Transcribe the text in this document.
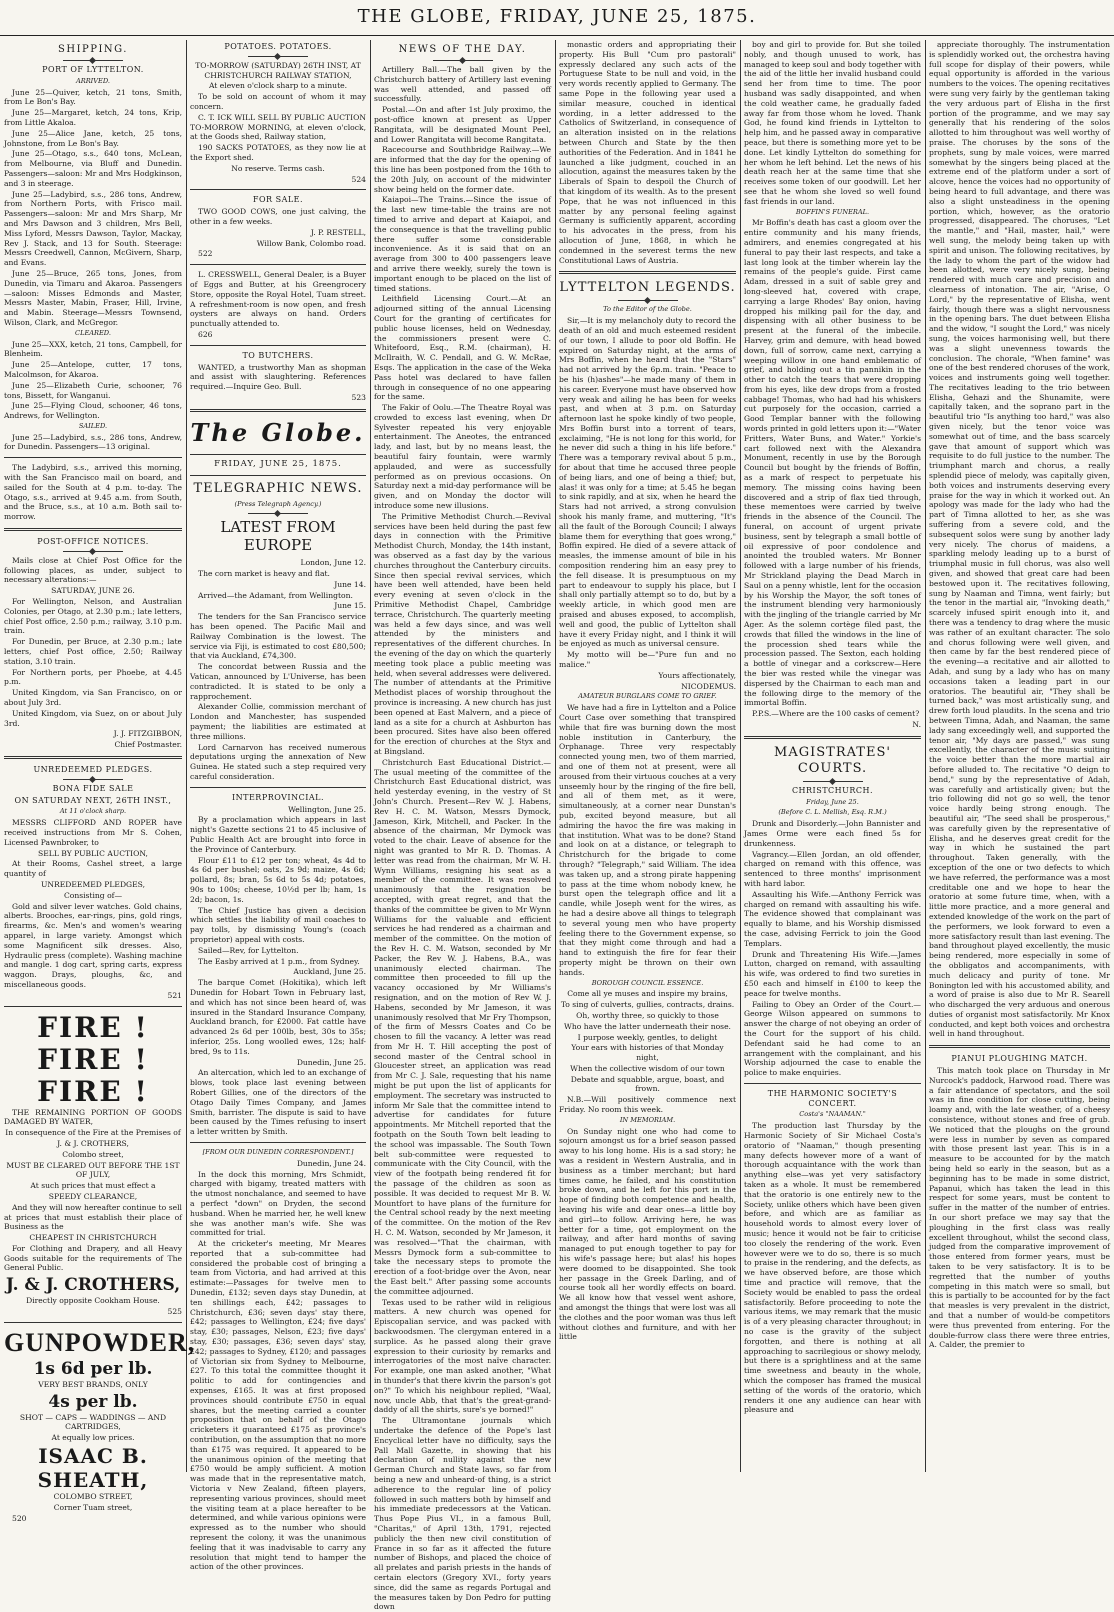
THE GLOBE, FRIDAY, JUNE 25, 1875.
SHIPPING.
PORT OF LYTTELTON.
ARRIVED.

June 25—Quiver, ketch, 21 tons, Smith, from Le Bon's Bay.

June 25—Margaret, ketch, 24 tons, Krip, from Little Akaloa.

June 25—Alice Jane, ketch, 25 tons, Johnstone, from Le Bon's Bay.

June 25—Otago, s.s., 640 tons, McLean, from Melbourne, via Bluff and Dunedin. Passengers—saloon: Mr and Mrs Hodgkinson, and 3 in steerage.

June 25—Ladybird, s.s., 286 tons, Andrew, from Northern Ports, with Frisco mail. Passengers—saloon: Mr and Mrs Sharp, Mr and Mrs Dawson and 3 children, Mrs Bell, Miss Lyford, Messrs Dawson, Taylor, Mackay, Rev J. Stack, and 13 for South. Steerage: Messrs Creedwell, Cannon, McGivern, Sharp, and Evans.

June 25—Bruce, 265 tons, Jones, from Dunedin, via Timaru and Akaroa. Passengers—saloon: Misses Edmonds and Master, Messrs Master, Mabin, Fraser, Hill, Irvine, and Mabin. Steerage—Messrs Townsend, Wilson, Clark, and McGregor.

CLEARED.

June 25—XXX, ketch, 21 tons, Campbell, for Blenheim.

June 25—Antelope, cutter, 17 tons, Malcolmson, for Akaroa.

June 25—Elizabeth Curie, schooner, 76 tons, Bissett, for Wanganui.

June 25—Flying Cloud, schooner, 46 tons, Andrews, for Wellington.

SAILED.

June 25—Ladybird, s.s., 286 tons, Andrew, for Dunedin. Passengers—13 original.

The Ladybird, s.s., arrived this morning, with the San Francisco mail on board, and sailed for the South at 4 p.m. to-day. The Otago, s.s., arrived at 9.45 a.m. from South, and the Bruce, s.s., at 10 a.m. Both sail to-morrow.

POST-OFFICE NOTICES.

Mails close at Chief Post Office for the following places, as under, subject to necessary alterations:—

SATURDAY, JUNE 26.

For Wellington, Nelson, and Australian Colonies, per Otago, at 2.30 p.m.; late letters, chief Post office, 2.50 p.m.; railway, 3.10 p.m. train.

For Dunedin, per Bruce, at 2.30 p.m.; late letters, chief Post office, 2.50; Railway station, 3.10 train.

For Northern ports, per Phoebe, at 4.45 p.m.

United Kingdom, via San Francisco, on or about July 3rd.

United Kingdom, via Suez, on or about July 3rd.

J. J. FITZGIBBON,

Chief Postmaster.

UNREDEEMED PLEDGES.
BONA FIDE SALE
ON SATURDAY NEXT, 26TH INST.,
At 11 o'clock sharp.

MESSRS CLIFFORD AND ROPER have received instructions from Mr S. Cohen, Licensed Pawnbroker, to

SELL BY PUBLIC AUCTION,

At their Rooms, Cashel street, a large quantity of

UNREDEEMED PLEDGES,

Consisting of—

Gold and silver lever watches. Gold chains, alberts. Brooches, ear-rings, pins, gold rings, firearms, &c. Men's and women's wearing apparel, in large variety. Amongst which some Magnificent silk dresses. Also, Hydraulic press (complete). Washing machine and mangle. 1 dog cart, spring carts, express waggon. Drays, ploughs, &c, and miscellaneous goods.

521

FIRE ! FIRE !
FIRE !

THE REMAINING PORTION OF GOODS DAMAGED BY WATER,

In consequence of the Fire at the Premises of

J. & J. CROTHERS,

Colombo street,

MUST BE CLEARED OUT BEFORE THE 1ST OF JULY,

At such prices that must effect a

SPEEDY CLEARANCE,

And they will now hereafter continue to sell at prices that must establish their place of Business as the

CHEAPEST IN CHRISTCHURCH

For Clothing and Drapery, and all Heavy Goods suitable for the requirements of The General Public.

J. & J. CROTHERS,

Directly opposite Cookham House.

525

GUNPOWDER,
1s 6d per lb.

VERY BEST BRANDS, ONLY

4s per lb.

SHOT — CAPS — WADDINGS — AND CARTRIDGES,

At equally low prices.

ISAAC B. SHEATH,

COLOMBO STREET,

Corner Tuam street,

520

POTATOES. POTATOES.

TO-MORROW (SATURDAY) 26TH INST, AT CHRISTCHURCH RAILWAY STATION,

At eleven o'clock sharp to a minute.

To be sold on account of whom it may concern.

C. T. ICK WILL SELL BY PUBLIC AUCTION TO-MORROW MORNING, at eleven o'clock, at the Goods shed, Railway station,

190 SACKS POTATOES, as they now lie at the Export shed.

No reserve. Terms cash.

524

FOR SALE.

TWO GOOD COWS, one just calving, the other in a few weeks.

J. P. RESTELL,

Willow Bank, Colombo road.

522

L. CRESSWELL, General Dealer, is a Buyer of Eggs and Butter, at his Greengrocery Store, opposite the Royal Hotel, Tuam street. A refreshment-room is now open, and fresh oysters are always on hand. Orders punctually attended to.

626

TO BUTCHERS.

WANTED, a trustworthy Man as shopman and assist with slaughtering. References required.—Inquire Geo. Bull.

523

The Globe.
FRIDAY, JUNE 25, 1875.
TELEGRAPHIC NEWS.
(Press Telegraph Agency.)
LATEST FROM EUROPE

London, June 12.

The corn market is heavy and flat.

June 14.

Arrived—the Adamant, from Wellington.

June 15.

The tenders for the San Francisco service has been opened. The Pacific Mail and Railway Combination is the lowest. The service via Fiji, is estimated to cost £80,500; that via Auckland, £74,300.

The concordat between Russia and the Vatican, announced by L'Universe, has been contradicted. It is stated to be only a rapprochement.

Alexander Collie, commission merchant of London and Manchester, has suspended payment; the liabilities are estimated at three millions.

Lord Carnarvon has received numerous deputations urging the annexation of New Guinea. He stated such a step required very careful consideration.

INTERPROVINCIAL.

Wellington, June 25.

By a proclamation which appears in last night's Gazette sections 21 to 45 inclusive of Public Health Act are brought into force in the Province of Canterbury.

Flour £11 to £12 per ton; wheat, 4s 4d to 4s 6d per bushel; oats, 2s 9d; maize, 4s 6d; pollard, 8s; bran, 5s 6d to 5s 4d; potatoes, 90s to 100s; cheese, 10½d per lb; ham, 1s 2d; bacon, 1s.

The Chief Justice has given a decision which settles the liability of mail coaches to pay tolls, by dismissing Young's (coach proprietor) appeal with costs.

Sailed—Rev, for Lyttelton.

The Easby arrived at 1 p.m., from Sydney.

Auckland, June 25.

The barque Comet (Hokitika), which left Dunedin for Hobart Town in February last, and which has not since been heard of, was insured in the Standard Insurance Company, Auckland branch, for £2000. Fat cattle have advanced 2s 6d per 100lb, best, 30s to 35s; inferior, 25s. Long woolled ewes, 12s; half-bred, 9s to 11s.

Dunedin, June 25.

An altercation, which led to an exchange of blows, took place last evening between Robert Gillies, one of the directors of the Otago Daily Times Company, and James Smith, barrister. The dispute is said to have been caused by the Times refusing to insert a letter written by Smith.

[FROM OUR DUNEDIN CORRESPONDENT.]

Dunedin, June 24.

In the dock this morning, Mrs Schmidt, charged with bigamy, treated matters with the utmost nonchalance, and seemed to have a perfect "down" on Dryden, the second husband. When he married her, he well knew she was another man's wife. She was committed for trial.

At the cricketer's meeting, Mr Meares reported that a sub-committee had considered the probable cost of bringing a team from Victoria, and had arrived at this estimate:—Passages for twelve men to Dunedin, £132; seven days stay Dunedin, at ten shillings each, £42; passages to Christchurch, £36; seven days' stay there, £42; passages to Wellington, £24; five days' stay, £30; passages, Nelson, £23; five days' stay, £30; passages, £36; seven days' stay, £42; passages to Sydney, £120; and passages of Victorian six from Sydney to Melbourne, £27. To this total the committee thought it politic to add for contingencies and expenses, £165. It was at first proposed provinces should contribute £750 in equal shares, but the meeting carried a counter proposition that on behalf of the Otago cricketers it guaranteed £175 as province's contribution, on the assumption that no more than £175 was required. It appeared to be the unanimous opinion of the meeting that £750 would be amply sufficient. A motion was made that in the representative match, Victoria v New Zealand, fifteen players, representing various provinces, should meet the visiting team at a place hereafter to be determined, and while various opinions were expressed as to the number who should represent the colony, it was the unanimous feeling that it was inadvisable to carry any resolution that might tend to hamper the action of the other provinces.

NEWS OF THE DAY.

Artillery Ball.—The ball given by the Christchurch battery of Artillery last evening was well attended, and passed off successfully.

Postal.—On and after 1st July proximo, the post-office known at present as Upper Rangitata, will be designated Mount Peel, and Lower Rangitata will become Rangitata.

Racecourse and Southbridge Railway.—We are informed that the day for the opening of this line has been postponed from the 16th to the 20th July, on account of the midwinter show being held on the former date.

Kaiapoi—The Trains.—Since the issue of the last new time-table the trains are not timed to arrive and depart at Kaiapoi, and the consequence is that the travelling public there suffer some considerable inconvenience. As it is said that on an average from 300 to 400 passengers leave and arrive there weekly, surely the town is important enough to be placed on the list of timed stations.

Leithfield Licensing Court.—At an adjourned sitting of the annual Licensing Court for the granting of certificates for public house licenses, held on Wednesday, the commissioners present were C. Whitefoord, Esq., R.M. (chairman), H. McIlraith, W. C. Pendall, and G. W. McRae, Esqs. The application in the case of the Weka Pass hotel was declared to have fallen through in consequence of no one appearing for the same.

The Fakir of Oolu.—The Theatre Royal was crowded to excess last evening, when Dr Sylvester repeated his very enjoyable entertainment. The Aneotes, the entranced lady, and last, but by no means least, the beautiful fairy fountain, were warmly applauded, and were as successfully performed as on previous occasions. On Saturday next a mid-day performance will be given, and on Monday the doctor will introduce some new illusions.

The Primitive Methodist Church.—Revival services have been held during the past few days in connection with the Primitive Methodist Church, Monday, the 14th instant, was observed as a fast day by the various churches throughout the Canterbury circuits. Since then special revival services, which have been well attended, have been held every evening at seven o'clock in the Primitive Methodist Chapel, Cambridge terrace, Christchurch. The quarterly meeting was held a few days since, and was well attended by the ministers and representatives of the different churches. In the evening of the day on which the quarterly meeting took place a public meeting was held, when several addresses were delivered. The number of attendants at the Primitive Methodist places of worship throughout the province is increasing. A new church has just been opened at East Malvern, and a piece of land as a site for a church at Ashburton has been procured. Sites have also been offered for the erection of churches at the Styx and at Bingsland.

Christchurch East Educational District.—The usual meeting of the committee of the Christchurch East Educational district, was held yesterday evening, in the vestry of St John's Church. Present—Rev W. J. Habens, Rev H. C. M. Watson, Messrs Dymock, Jameson, Kirk, Mitchell, and Packer. In the absence of the chairman, Mr Dymock was voted to the chair. Leave of absence for the night was granted to Mr R. D. Thomas. A letter was read from the chairman, Mr W. H. Wynn Williams, resigning his seat as a member of the committee. It was resolved unanimously that the resignation be accepted, with great regret, and that the thanks of the committee be given to Mr Wynn Williams for the valuable and efficient services he had rendered as a chairman and member of the committee. On the motion of the Rev H. C. M. Watson, seconded by Mr Packer, the Rev W. J. Habens, B.A., was unanimously elected chairman. The committee then proceeded to fill up the vacancy occasioned by Mr Williams's resignation, and on the motion of Rev W. J. Habens, seconded by Mr Jameson, it was unanimously resolved that Mr Fry Thompson, of the firm of Messrs Coates and Co be chosen to fill the vacancy. A letter was read from Mr H. T. Hill accepting the post of second master of the Central school in Gloucester street, an application was read from Mr C. J. Sale, requesting that his name might be put upon the list of applicants for employment. The secretary was instructed to inform Mr Sale that the committee intend to advertise for candidates for future appointments. Mr Mitchell reported that the footpath on the South Town belt leading to the school was impassable. The South Town belt sub-committee were requested to communicate with the City Council, with the view of the footpath being rendered fit for the passage of the children as soon as possible. It was decided to request Mr B. W. Mountfort to have plans of the furniture for the Central school ready by the next meeting of the committee. On the motion of the Rev H. C. M. Watson, seconded by Mr Jameson, it was resolved—"That the chairman, with Messrs Dymock form a sub-committee to take the necessary steps to promote the erection of a foot-bridge over the Avon, near the East belt." After passing some accounts the committee adjourned.

Texas used to be rather wild in religious matters. A new church was opened for Episcopalian service, and was packed with backwoodsmen. The clergyman entered in a surplice. As he passed along their grave expression to their curiosity by remarks and interrogatories of the most naïve character. For example, one man asked another, "What in thunder's that there kivrin the parson's got on?" To which his neighbour replied, "Waal, now, uncle Abb, that that's the great-grand-daddy of all the shirts, sure's ye borned!"

The Ultramontane journals which undertake the defence of the Pope's last Encyclical letter have no difficulty, says the Pall Mall Gazette, in showing that his declaration of nullity against the new German Church and State laws, so far from being a new and unheard-of thing, is a strict adherence to the regular line of policy followed in such matters both by himself and his immediate predecessors at the Vatican. Thus Pope Pius VI., in a famous Bull, "Charitas," of April 13th, 1791, rejected publicly the then new civil constitution of France in so far as it affected the future number of Bishops, and placed the choice of all prelates and parish priests in the hands of certain electors (Gregory XVI., forty years since, did the same as regards Portugal and the measures taken by Don Pedro for putting down

monastic orders and appropriating their property. His Bull "Cum pro pastorali" expressly declared any such acts of the Portuguese State to be null and void, in the very words recently applied to Germany. The same Pope in the following year used a similar measure, couched in identical wording, in a letter addressed to the Catholics of Switzerland, in consequence of an alteration insisted on in the relations between Church and State by the then authorities of the Federation. And in 1841 he launched a like judgment, couched in an allocution, against the measures taken by the Liberals of Spain to despoil the Church of that kingdom of its wealth. As to the present Pope, that he was not influenced in this matter by any personal feeling against Germany is sufficiently apparent, according to his advocates in the press, from his allocution of June, 1868, in which he condemned in the severest terms the new Constitutional Laws of Austria.

LYTTELTON LEGENDS.
To the Editor of the Globe.

Sir,—It is my melancholy duty to record the death of an old and much esteemed resident of our town, I allude to poor old Boffin. He expired on Saturday night, at the arms of Mrs Boffin, when he heard that the "Stars" had not arrived by the 6p.m. train. "Peace to be his (h)ashes"—he made many of them in his career. Everyone must have observed how very weak and ailing he has been for weeks past, and when at 3 p.m. on Saturday afternoon last he spoke kindly of two people, Mrs Boffin burst into a torrent of tears, exclaiming, "He is not long for this world, for he never did such a thing in his life before." There was a temporary revival about 5 p.m., for about that time he accused three people of being liars, and one of being a thief; but, alas! it was only for a time; at 5.45 he began to sink rapidly, and at six, when he heard the Stars had not arrived, a strong convulsion shook his manly frame, and muttering, "It's all the fault of the Borough Council; I always blame them for everything that goes wrong," Boffin expired. He died of a severe attack of measles, the immense amount of bile in his composition rendering him an easy prey to the fell disease. It is presumptuous on my part to endeavour to supply his place, but I shall only partially attempt so to do, but by a weekly article, in which good men are praised and abuses exposed, to accomplish, well and good, the public of Lyttelton shall have it every Friday night, and I think it will be enjoyed as much as universal censure.

My motto will be—"Pure fun and no malice."

Yours affectionately,

NICODEMUS.

AMATEUR BURGLARS COME TO GRIEF.

We have had a fire in Lyttelton and a Police Court Case over something that transpired while that fire was burning down the most noble institution in Canterbury, the Orphanage. Three very respectably connected young men, two of them married, and one of them not at present, were all aroused from their virtuous couches at a very unseemly hour by the ringing of the fire bell, and all of them met, as it were, simultaneously, at a corner near Dunstan's pub, excited beyond measure, but all admiring the havoc the fire was making in that institution. What was to be done? Stand and look on at a distance, or telegraph to Christchurch for the brigade to come through? "Telegraph," said William. The idea was taken up, and a strong pirate happening to pass at the time whom nobody knew, he burst open the telegraph office and lit a candle, while Joseph went for the wires, as he had a desire above all things to telegraph to several young men who have property feeling there to the Government expense, so that they might come through and had a hand to extinguish the fire for fear their property might be thrown on their own hands.

BOROUGH COUNCIL ESSENCE.

Come all ye muses and inspire my brains,

To sing of culverts, gullies, contracts, drains.

Oh, worthy three, so quickly to those

Who have the latter underneath their nose.

I purpose weekly, gentles, to delight

Your ears with histories of that Monday night,

When the collective wisdom of our town

Debate and squabble, argue, boast, and frown.

N.B.—Will positively commence next Friday. No room this week.

IN MEMORIAM.

On Sunday night one who had come to sojourn amongst us for a brief season passed away to his long home. His is a sad story; he was a resident in Western Australia, and in business as a timber merchant; but hard times came, he failed, and his constitution broke down, and he left for this port in the hope of finding both competence and health, leaving his wife and dear ones—a little boy and girl—to follow. Arriving here, he was better for a time, got employment on the railway, and after hard months of saving managed to put enough together to pay for his wife's passage here; but alas! his hopes were doomed to be disappointed. She took her passage in the Greek Darling, and of course took all her wordly effects on board. We all know how that vessel went ashore, and amongst the things that were lost was all the clothes and the poor woman was thus left without clothes and furniture, and with her little

boy and girl to provide for. But she toiled nobly, and though unused to work, has managed to keep soul and body together with the aid of the little her invalid husband could send her from time to time. The poor husband was sadly disappointed, and when the cold weather came, he gradually faded away far from those whom he loved. Thank God, he found kind friends in Lyttelton to help him, and he passed away in comparative peace, but there is something more yet to be done. Let kindly Lyttelton do something for her whom he left behind. Let the news of his death reach her at the same time that she receives some token of our goodwill. Let her see that he whom she loved so well found fast friends in our land.

BOFFIN'S FUNERAL.

Mr Boffin's death has cast a gloom over the entire community and his many friends, admirers, and enemies congregated at his funeral to pay their last respects, and take a last long look at the timber wherein lay the remains of the people's guide. First came Adam, dressed in a suit of sable grey and long-sleeved hat, covered with crape, carrying a large Rhodes' Bay onion, having dropped his milking pail for the day, and dispensing with all other business to be present at the funeral of the imbecile. Harvey, grim and demure, with head bowed down, full of sorrow, came next, carrying a weeping willow in one hand emblematic of grief, and holding out a tin pannikin in the other to catch the tears that were dropping from his eyes, like dew drops from a frosted cabbage! Thomas, who had had his whiskers cut purposely for the occasion, carried a Good Templar banner with the following words printed in gold letters upon it:—"Water Fritters, Water Buns, and Water." Yorkie's cart followed next with the Alexandra Monument, recently in use by the Borough Council but bought by the friends of Boffin, as a mark of respect to perpetuate his memory. The missing coins having been discovered and a strip of flax tied through, these mementoes were carried by twelve friends in the absence of the Council. The funeral, on account of urgent private business, sent by telegraph a small bottle of oil expressive of poor condolence and anointed the troubled waters. Mr Bonner followed with a large number of his friends, Mr Strickland playing the Dead March in Saul on a penny whistle, lent for the occasion by his Worship the Mayor, the soft tones of the instrument blending very harmoniously with the jingling of the triangle carried by Mr Ager. As the solemn cortège filed past, the crowds that filled the windows in the line of the procession shed tears while the procession passed. The Sexton, each holding a bottle of vinegar and a corkscrew—Here the bier was rested while the vinegar was dispersed by the Chairman to each man and the following dirge to the memory of the immortal Boffin.

P.P.S.—Where are the 100 casks of cement?

N.

MAGISTRATES' COURTS.
CHRISTCHURCH.
Friday, June 25.
(Before C. L. Mellish, Esq. R.M.)

Drunk and Disorderly.—John Bannister and James Orme were each fined 5s for drunkenness.

Vagrancy.—Ellen Jordan, an old offender, charged on remand with this offence, was sentenced to three months' imprisonment with hard labor.

Assaulting his Wife.—Anthony Ferrick was charged on remand with assaulting his wife. The evidence showed that complainant was equally to blame, and his Worship dismissed the case, advising Ferrick to join the Good Templars.

Drunk and Threatening His Wife.—James Lutton, charged on remand, with assaulting his wife, was ordered to find two sureties in £50 each and himself in £100 to keep the peace for twelve months.

Failing to Obey an Order of the Court.—George Wilson appeared on summons to answer the charge of not obeying an order of the Court for the support of his child. Defendant said he had come to an arrangement with the complainant, and his Worship adjourned the case to enable the police to make enquiries.

THE HARMONIC SOCIETY'S CONCERT.
Costa's "NAAMAN."

The production last Thursday by the Harmonic Society of Sir Michael Costa's oratorio of "Naaman," though presenting many defects however more of a want of thorough acquaintance with the work than anything else—was yet very satisfactory taken as a whole. It must be remembered that the oratorio is one entirely new to the Society, unlike others which have been given before, and which are as familiar as household words to almost every lover of music; hence it would not be fair to criticise too closely the rendering of the work. Even however were we to do so, there is so much to praise in the rendering, and the defects, as we have observed before, are those which time and practice will remove, that the Society would be enabled to pass the ordeal satisfactorily. Before proceeding to note the various items, we may remark that the music is of a very pleasing character throughout; in no case is the gravity of the subject forgotten, and there is nothing at all approaching to sacrilegious or showy melody, but there is a sprightliness and at the same time sweetness and beauty in the whole, which the composer has framed the musical setting of the words of the oratorio, which renders it one any audience can hear with pleasure and

appreciate thoroughly. The instrumentation is splendidly worked out, the orchestra having full scope for display of their powers, while equal opportunity is afforded in the various numbers to the voices. The opening recitatives were sung very fairly by the gentleman taking the very arduous part of Elisha in the first portion of the programme, and we may say generally that his rendering of the solos allotted to him throughout was well worthy of praise. The choruses by the sons of the prophets, sung by male voices, were marred somewhat by the singers being placed at the extreme end of the platform under a sort of alcove, hence the voices had no opportunity of being heard to full advantage, and there was also a slight unsteadiness in the opening portion, which, however, as the oratorio progressed, disappeared. The choruses, "Let the mantle," and "Hail, master, hail," were well sung, the melody being taken up with spirit and unison. The following recitatives, by the lady to whom the part of the widow had been allotted, were very nicely sung, being rendered with much care and precision and clearness of intonation. The air, "Arise, O Lord," by the representative of Elisha, went fairly, though there was a slight nervousness in the opening bars. The duet between Elisha and the widow, "I sought the Lord," was nicely sung, the voices harmonising well, but there was a slight unevenness towards the conclusion. The chorale, "When famine" was one of the best rendered choruses of the work, voices and instruments going well together. The recitatives leading to the trio between Elisha, Gehazi and the Shunamite, were capitally taken, and the soprano part in the beautiful trio "Is anything too hard," was also given nicely, but the tenor voice was somewhat out of time, and the bass scarcely gave that amount of support which was requisite to do full justice to the number. The triumphant march and chorus, a really splendid piece of melody, was capitally given, both voices and instruments deserving every praise for the way in which it worked out. An apology was made for the lady who had the part of Timna allotted to her, as she was suffering from a severe cold, and the subsequent solos were sung by another lady very nicely. The chorus of maidens, a sparkling melody leading up to a burst of triumphal music in full chorus, was also well given, and showed that great care had been bestowed upon it. The recitatives following, sung by Naaman and Timna, went fairly; but the tenor in the martial air, "Invoking death," scarcely infused spirit enough into it, and there was a tendency to drag where the music was rather of an exultant character. The solo and chorus following were well given, and then came by far the best rendered piece of the evening—a recitative and air allotted to Adah, and sung by a lady who has on many occasions taken a leading part in our oratorios. The beautiful air, "They shall be turned back," was most artistically sung, and drew forth loud plaudits. In the scena and trio between Timna, Adah, and Naaman, the same lady sang exceedingly well, and supported the tenor air, "My days are passed," was sung excellently, the character of the music suiting the voice better than the more martial air before alluded to. The recitative "O deign to bend," sung by the representative of Adah, was carefully and artistically given; but the trio following did not go so well, the tenor voice hardly being strong enough. The beautiful air, "The seed shall be prosperous," was carefully given by the representative of Elisha, and he deserves great credit for the way in which he sustained the part throughout. Taken generally, with the exception of the one or two defects to which we have referred, the performance was a most creditable one and we hope to hear the oratorio at some future time, when, with a little more practice, and a more general and extended knowledge of the work on the part of the performers, we look forward to even a more satisfactory result than last evening. The band throughout played excellently, the music being rendered, more especially in some of the obbligatos and accompaniments, with much delicacy and purity of tone. Mr Bonington led with his accustomed ability, and a word of praise is also due to Mr R. Searell who discharged the very arduous and onerous duties of organist most satisfactorily. Mr Knox conducted, and kept both voices and orchestra well in hand throughout.

PIANUI PLOUGHING MATCH.

This match took place on Thursday in Mr Nurcock's paddock, Harwood road. There was a fair attendance of spectators, and the soil was in fine condition for close cutting, being loamy and, with the late weather, of a cheesy consistence, without stones and free of grub. We noticed that the ploughs on the ground were less in number by seven as compared with those present last year. This is in a measure to be accounted for by the match being held so early in the season, but as a beginning has to be made in some district, Papanui, which has taken the lead in this respect for some years, must be content to suffer in the matter of the number of entries. In our short preface we may say that the ploughing in the first class was really excellent throughout, whilst the second class, judged from the comparative improvement of those entered from former years, must be taken to be very satisfactory. It is to be regretted that the number of youths competing in this match were so small, but this is partially to be accounted for by the fact that measles is very prevalent in the district, and that a number of would-be competitors were thus prevented from entering. For the double-furrow class there were three entries, A. Calder, the premier to
